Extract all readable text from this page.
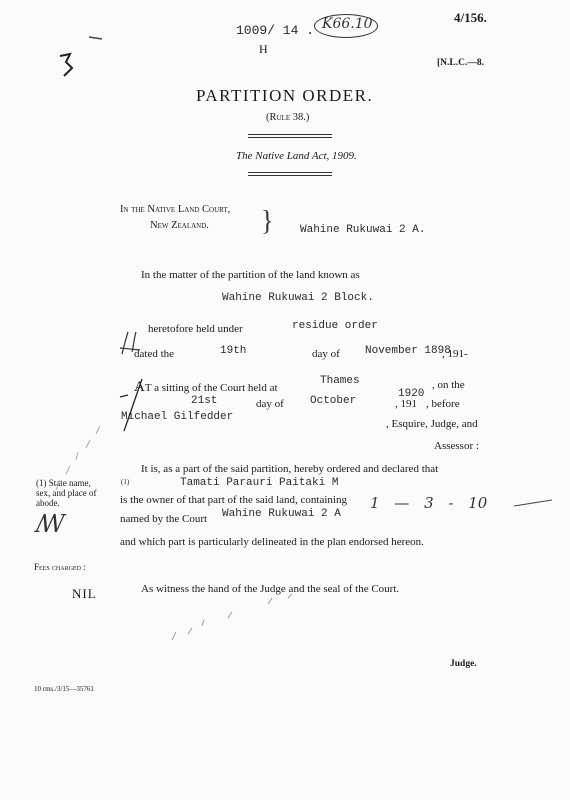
1009/ 14 . K66.10	4/156.
H
[N.L.C.—8.
PARTITION ORDER.
(Rule 38.)
The Native Land Act, 1909.
In the Native Land Court,
New Zealand. } Wahine Rukuwai 2 A.
In the matter of the partition of the land known as
Wahine Rukuwai 2 Block.
heretofore held under	residue order
dated the	19th	day of November 1898
, 191-
AT a sitting of the Court held at
Thames
1920
, on the
21st	day of October	, 191 , before
Michael Gilfedder
, Esquire, Judge, and
Assessor :
It is, as a part of the said partition, hereby ordered and declared that
(1) State name,
sex, and place of
abode.
(1)	Tamati Parauri Paitaki M
is the owner of that part of the said land, containing 1 — 3 - 10
named by the Court Wahine Rukuwai 2 A
ꟿ
and which part is particularly delineated in the plan endorsed hereon.
Fees charged :
As witness the hand of the Judge and the seal of the Court.
NIL
Judge.
10 rms./3/15—35761
